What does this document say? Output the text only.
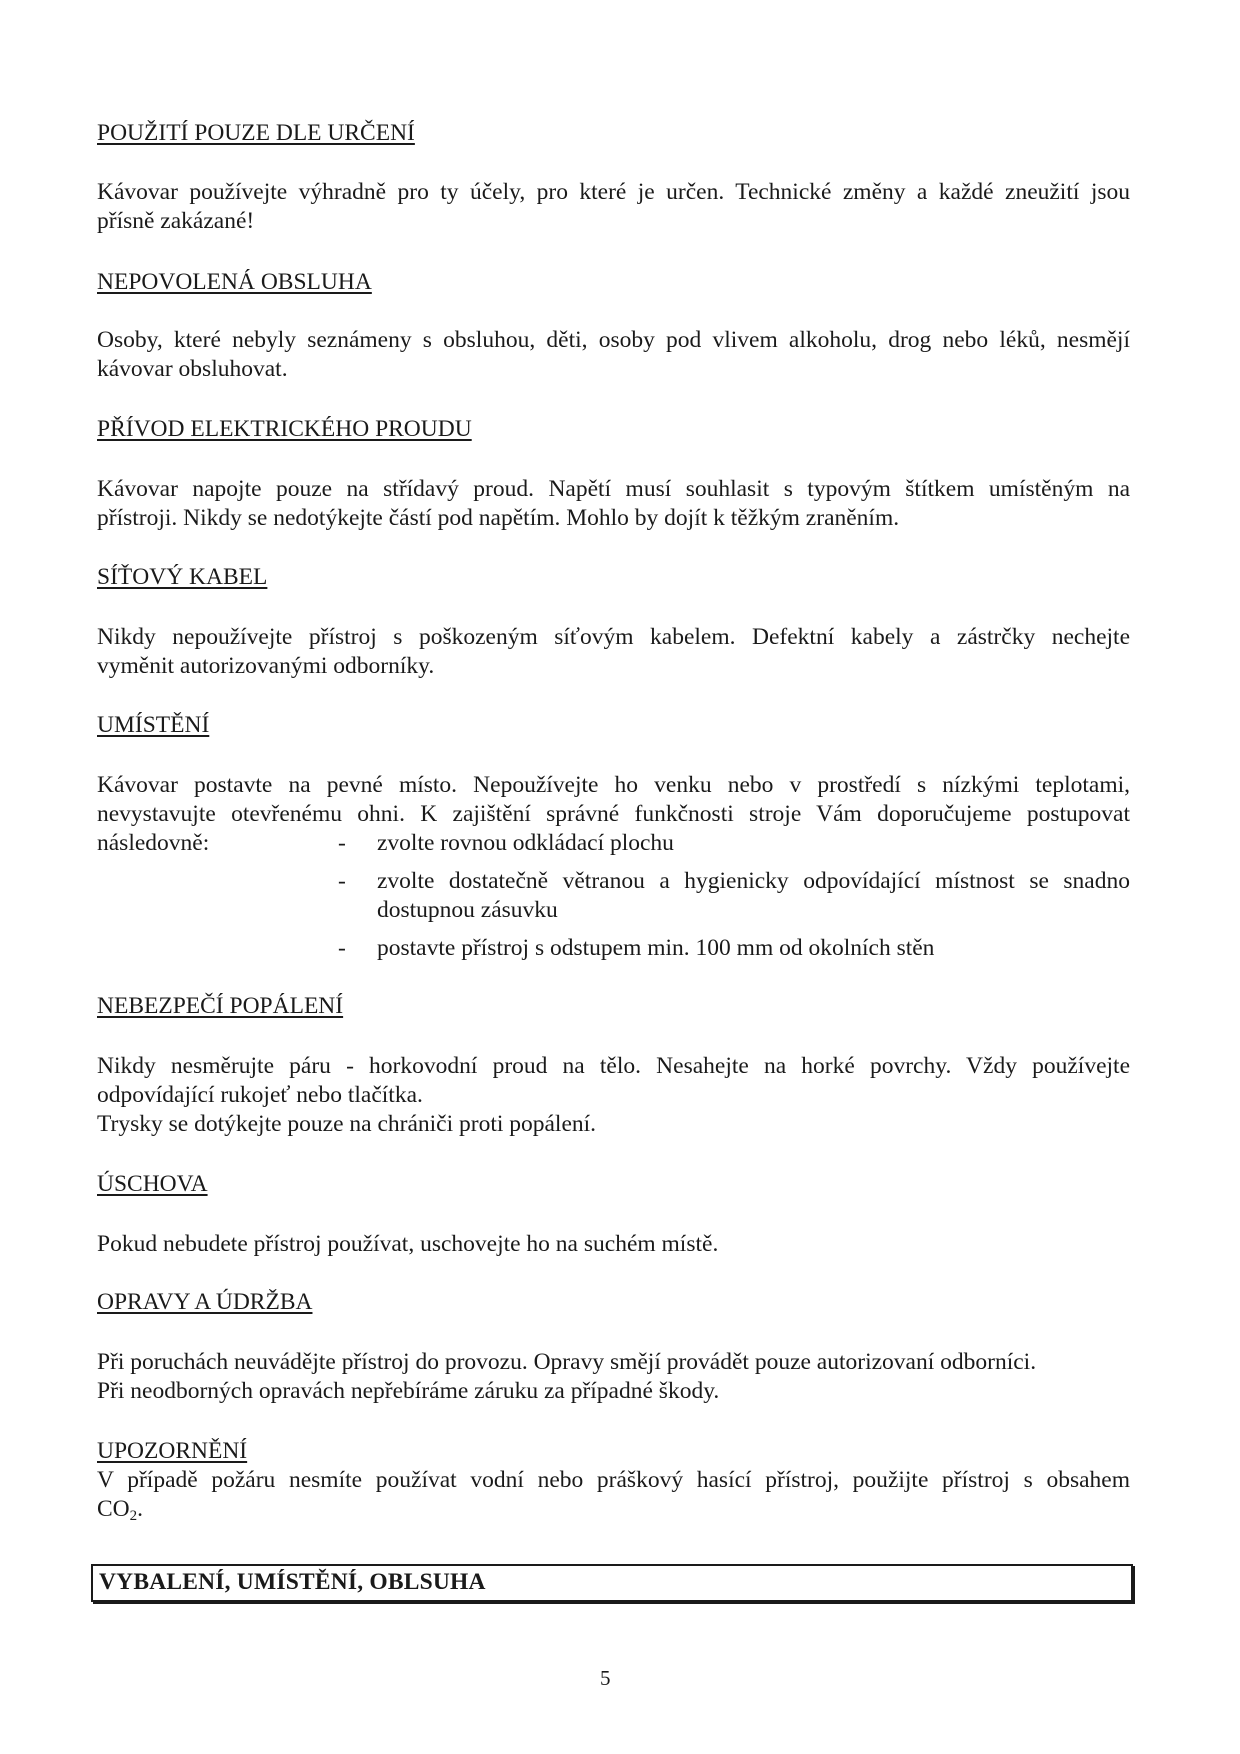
POUŽITÍ POUZE DLE URČENÍ
Kávovar používejte výhradně pro ty účely, pro které je určen. Technické změny a každé zneužití jsou
přísně zakázané!
NEPOVOLENÁ OBSLUHA
Osoby, které nebyly seznámeny s obsluhou, děti, osoby pod vlivem alkoholu, drog nebo léků, nesmějí
kávovar obsluhovat.
PŘÍVOD ELEKTRICKÉHO PROUDU
Kávovar napojte pouze na střídavý proud. Napětí musí souhlasit s typovým štítkem umístěným na
přístroji. Nikdy se nedotýkejte částí pod napětím. Mohlo by dojít k těžkým zraněním.
SÍŤOVÝ KABEL
Nikdy nepoužívejte přístroj s poškozeným síťovým kabelem. Defektní kabely a zástrčky nechejte
vyměnit autorizovanými odborníky.
UMÍSTĚNÍ
Kávovar postavte na pevné místo. Nepoužívejte ho venku nebo v prostředí s nízkými teplotami,
nevystavujte otevřenému ohni. K zajištění správné funkčnosti stroje Vám doporučujeme postupovat
následovně:	- zvolte rovnou odkládací plochu
- zvolte dostatečně větranou a hygienicky odpovídající místnost se snadno
dostupnou zásuvku
- postavte přístroj s odstupem min. 100 mm od okolních stěn
NEBEZPEČÍ POPÁLENÍ
Nikdy nesměrujte páru - horkovodní proud na tělo. Nesahejte na horké povrchy. Vždy používejte
odpovídající rukojeť nebo tlačítka.
Trysky se dotýkejte pouze na chrániči proti popálení.
ÚSCHOVA
Pokud nebudete přístroj používat, uschovejte ho na suchém místě.
OPRAVY A ÚDRŽBA
Při poruchách neuvádějte přístroj do provozu. Opravy smějí provádět pouze autorizovaní odborníci.
Při neodborných opravách nepřebíráme záruku za případné škody.
UPOZORNĚNÍ
V případě požáru nesmíte používat vodní nebo práškový hasící přístroj, použijte přístroj s obsahem
$CO_2$.
VYBALENÍ, UMÍSTĚNÍ, OBLSUHA
5
